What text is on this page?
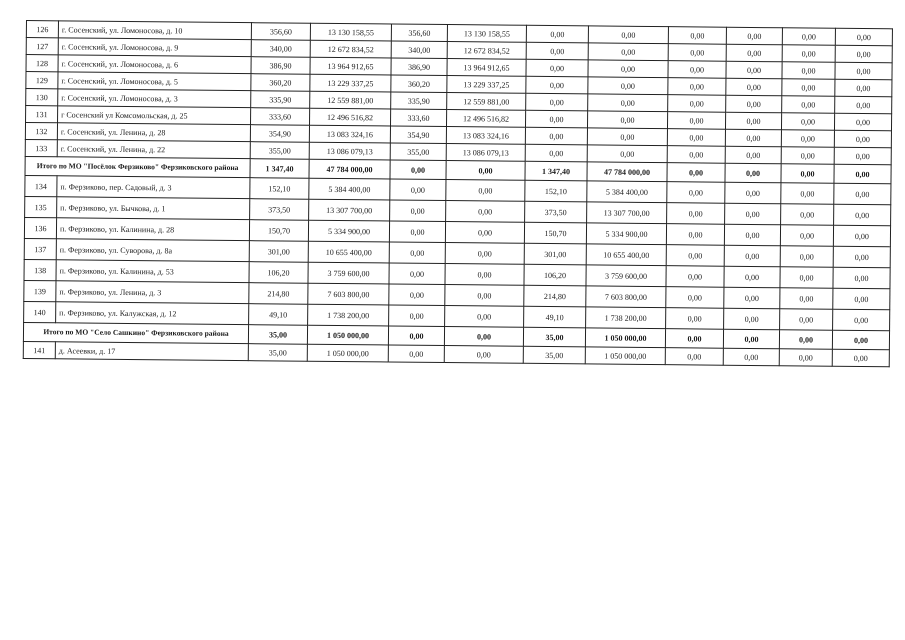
126	г. Сосенский, ул. Ломоносова, д. 10	356,60	13 130 158,55	356,60	13 130 158,55	0,00	0,00	0,00	0,00	0,00	0,00
127	г. Сосенский, ул. Ломоносова, д. 9	340,00	12 672 834,52	340,00	12 672 834,52	0,00	0,00	0,00	0,00	0,00	0,00
128	г. Сосенский, ул. Ломоносова, д. 6	386,90	13 964 912,65	386,90	13 964 912,65	0,00	0,00	0,00	0,00	0,00	0,00
129	г. Сосенский, ул. Ломоносова, д. 5	360,20	13 229 337,25	360,20	13 229 337,25	0,00	0,00	0,00	0,00	0,00	0,00
130	г. Сосенский, ул. Ломоносова, д. 3	335,90	12 559 881,00	335,90	12 559 881,00	0,00	0,00	0,00	0,00	0,00	0,00
131	г Сосенский ул Комсомольская, д. 25	333,60	12 496 516,82	333,60	12 496 516,82	0,00	0,00	0,00	0,00	0,00	0,00
132	г. Сосенский, ул. Ленина, д. 28	354,90	13 083 324,16	354,90	13 083 324,16	0,00	0,00	0,00	0,00	0,00	0,00
133	г. Сосенский, ул. Ленина, д. 22	355,00	13 086 079,13	355,00	13 086 079,13	0,00	0,00	0,00	0,00	0,00	0,00
Итого по МО "Посёлок Ферзиково" Ферзиковского района		1 347,40	47 784 000,00	0,00	0,00	1 347,40	47 784 000,00	0,00	0,00	0,00	0,00
134	п. Ферзиково, пер. Садовый, д. 3	152,10	5 384 400,00	0,00	0,00	152,10	5 384 400,00	0,00	0,00	0,00	0,00
135	п. Ферзиково, ул. Бычкова, д. 1	373,50	13 307 700,00	0,00	0,00	373,50	13 307 700,00	0,00	0,00	0,00	0,00
136	п. Ферзиково, ул. Калинина, д. 28	150,70	5 334 900,00	0,00	0,00	150,70	5 334 900,00	0,00	0,00	0,00	0,00
137	п. Ферзиково, ул. Суворова, д. 8а	301,00	10 655 400,00	0,00	0,00	301,00	10 655 400,00	0,00	0,00	0,00	0,00
138	п. Ферзиково, ул. Калинина, д. 53	106,20	3 759 600,00	0,00	0,00	106,20	3 759 600,00	0,00	0,00	0,00	0,00
139	п. Ферзиково, ул. Ленина, д. 3	214,80	7 603 800,00	0,00	0,00	214,80	7 603 800,00	0,00	0,00	0,00	0,00
140	п. Ферзиково, ул. Калужская, д. 12	49,10	1 738 200,00	0,00	0,00	49,10	1 738 200,00	0,00	0,00	0,00	0,00
Итого по МО "Село Сашкино" Ферзиковского района		35,00	1 050 000,00	0,00	0,00	35,00	1 050 000,00	0,00	0,00	0,00	0,00
141	д. Асеевки, д. 17	35,00	1 050 000,00	0,00	0,00	35,00	1 050 000,00	0,00	0,00	0,00	0,00
